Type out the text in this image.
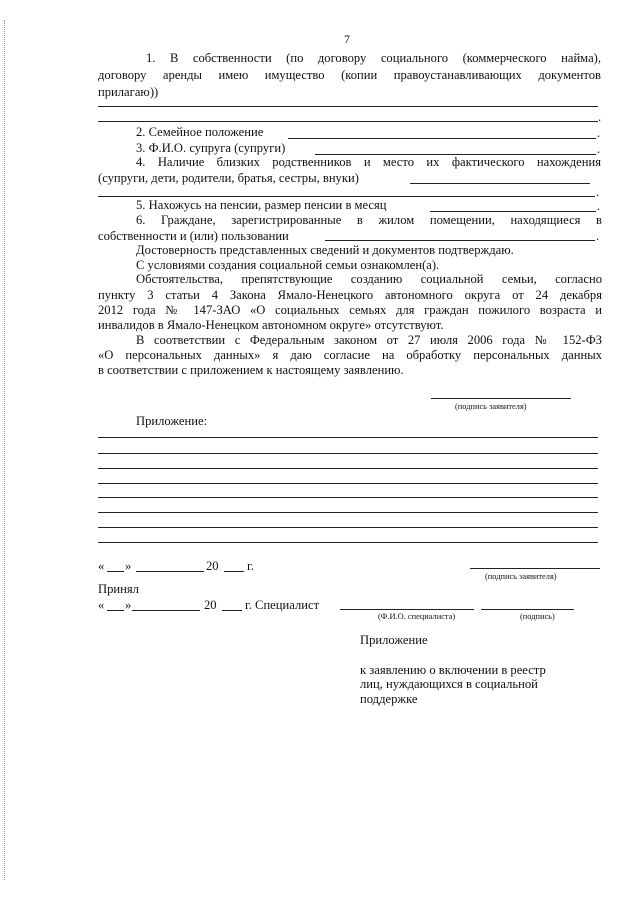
7
1. В собственности (по договору социального (коммерческого найма),
договору аренды имею имущество (копии правоустанавливающих документов
прилагаю))
.
2. Семейное положение	.
3. Ф.И.О. супруга (супруги)	.
4. Наличие близких родственников и место их фактического нахождения
(супруги, дети, родители, братья, сестры, внуки)
.
5. Нахожусь на пенсии, размер пенсии в месяц	.
6. Граждане, зарегистрированные в жилом помещении, находящиеся в
собственности и (или) пользовании	.
Достоверность представленных сведений и документов подтверждаю.
С условиями создания социальной семьи ознакомлен(а).
Обстоятельства, препятствующие созданию социальной семьи, согласно
пункту 3 статьи 4 Закона Ямало-Ненецкого автономного округа от 24 декабря
2012 года № 147-ЗАО «О социальных семьях для граждан пожилого возраста и
инвалидов в Ямало-Ненецком автономном округе» отсутствуют.
В соответствии с Федеральным законом от 27 июля 2006 года № 152-ФЗ
«О персональных данных» я даю согласие на обработку персональных данных
в соответствии с приложением к настоящему заявлению.
(подпись заявителя)
Приложение:
« »	20 г.
(подпись заявителя)
Принял
« »	20 г. Специалист
(Ф.И.О. специалиста)	(подпись)
Приложение
к заявлению о включении в реестр
лиц, нуждающихся в социальной
поддержке
